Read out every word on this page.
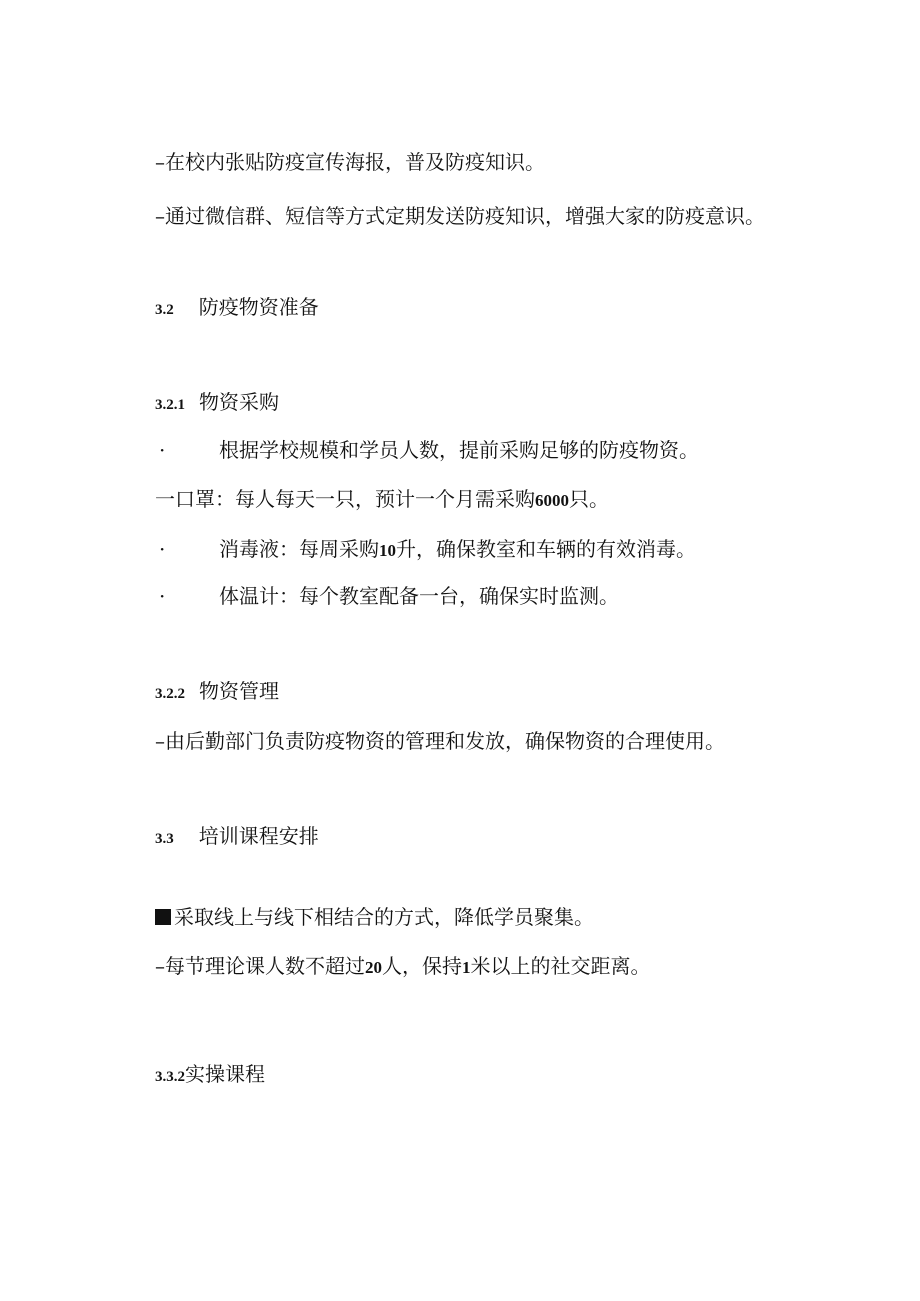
–在校内张贴防疫宣传海报，普及防疫知识。
–通过微信群、短信等方式定期发送防疫知识，增强大家的防疫意识。
3.2 防疫物资准备
3.2.1 物资采购
·	根据学校规模和学员人数，提前采购足够的防疫物资。
一口罩：每人每天一只，预计一个月需采购6000只。
·	消毒液：每周采购10升，确保教室和车辆的有效消毒。
·	体温计：每个教室配备一台，确保实时监测。
3.2.2 物资管理
–由后勤部门负责防疫物资的管理和发放，确保物资的合理使用。
3.3 培训课程安排
采取线上与线下相结合的方式，降低学员聚集。
–每节理论课人数不超过20人，保持1米以上的社交距离。
3.3.2实操课程
